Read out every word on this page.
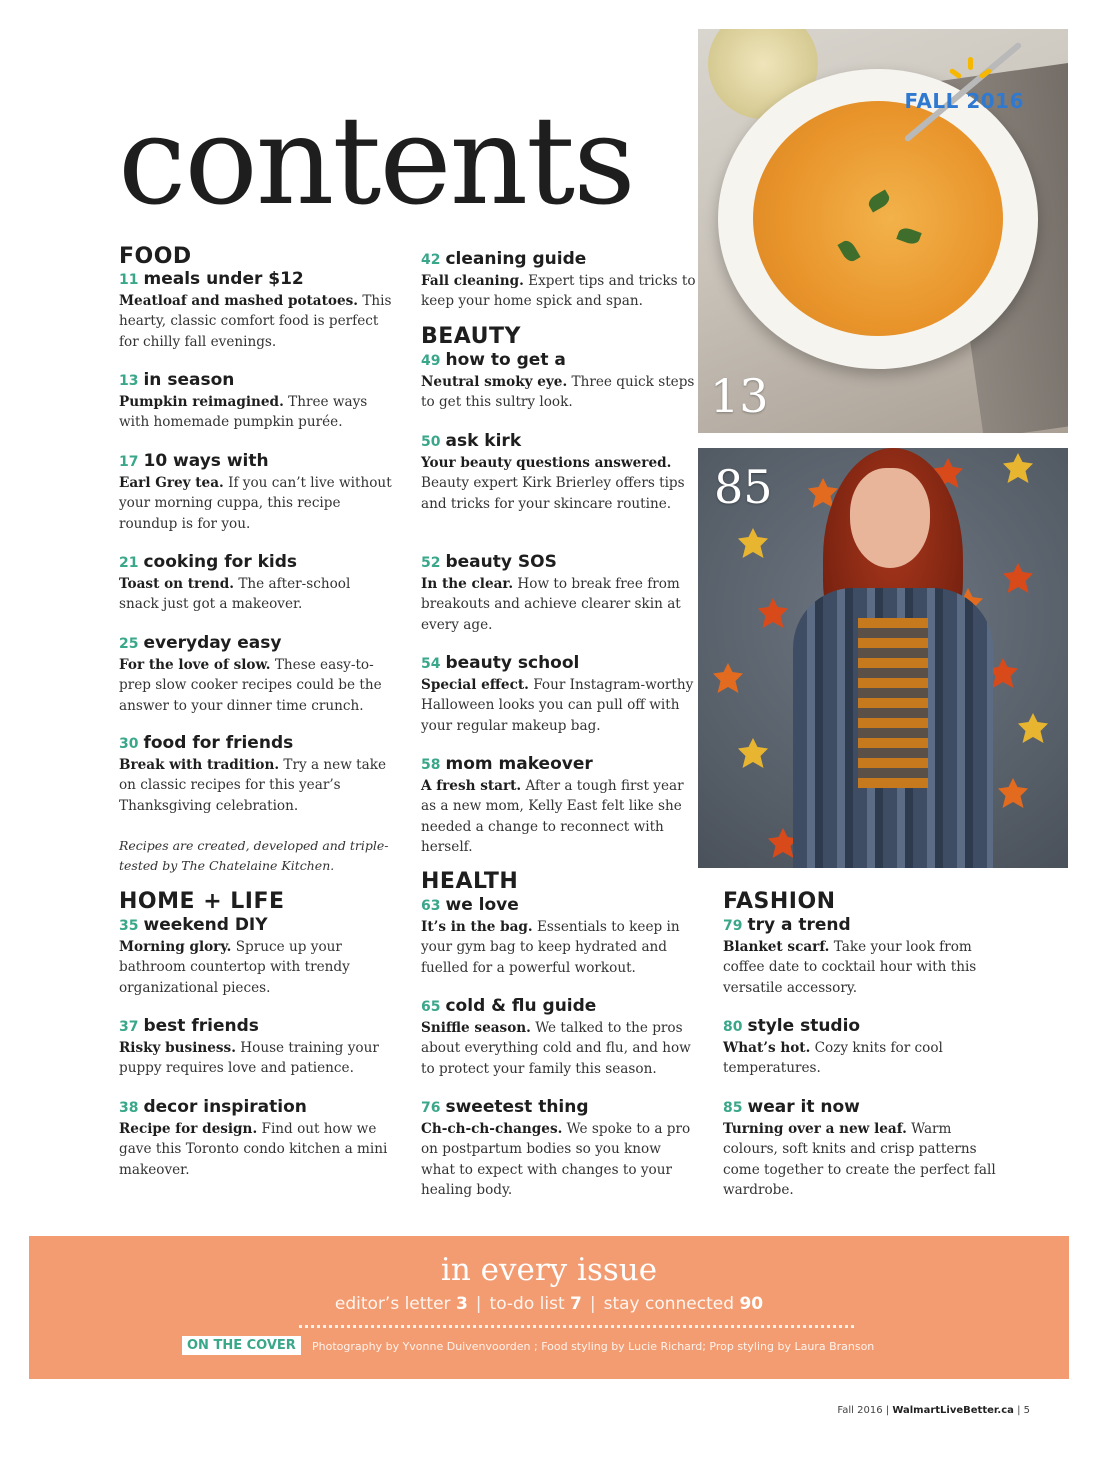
contents	FALL 2016
13
85
FOOD
11 meals under $12
Meatloaf and mashed potatoes. This hearty, classic comfort food is perfect for chilly fall evenings.
13 in season
Pumpkin reimagined. Three ways with homemade pumpkin purée.
17 10 ways with
Earl Grey tea. If you can’t live without your morning cuppa, this recipe roundup is for you.
21 cooking for kids
Toast on trend. The after-school snack just got a makeover.
25 everyday easy
For the love of slow. These easy-to-prep slow cooker recipes could be the answer to your dinner time crunch.
30 food for friends
Break with tradition. Try a new take on classic recipes for this year’s Thanksgiving celebration.
Recipes are created, developed and triple-tested by The Chatelaine Kitchen.
HOME + LIFE
35 weekend DIY
Morning glory. Spruce up your bathroom countertop with trendy organizational pieces.
37 best friends
Risky business. House training your puppy requires love and patience.
38 decor inspiration
Recipe for design. Find out how we gave this Toronto condo kitchen a mini makeover.
42 cleaning guide
Fall cleaning. Expert tips and tricks to keep your home spick and span.
BEAUTY
49 how to get a
Neutral smoky eye. Three quick steps to get this sultry look.
50 ask kirk
Your beauty questions answered. Beauty expert Kirk Brierley offers tips and tricks for your skincare routine.
52 beauty SOS
In the clear. How to break free from breakouts and achieve clearer skin at every age.
54 beauty school
Special effect. Four Instagram-worthy Halloween looks you can pull off with your regular makeup bag.
58 mom makeover
A fresh start. After a tough first year as a new mom, Kelly East felt like she needed a change to reconnect with herself.
HEALTH
63 we love
It’s in the bag. Essentials to keep in your gym bag to keep hydrated and fuelled for a powerful workout.
65 cold & flu guide
Sniffle season. We talked to the pros about everything cold and flu, and how to protect your family this season.
76 sweetest thing
Ch-ch-ch-changes. We spoke to a pro on postpartum bodies so you know what to expect with changes to your healing body.
FASHION
79 try a trend
Blanket scarf. Take your look from coffee date to cocktail hour with this versatile accessory.
80 style studio
What’s hot. Cozy knits for cool temperatures.
85 wear it now
Turning over a new leaf. Warm colours, soft knits and crisp patterns come together to create the perfect fall wardrobe.
in every issue
editor’s letter 3 | to-do list 7 | stay connected 90
ON THE COVER	Photography by Yvonne Duivenvoorden ; Food styling by Lucie Richard; Prop styling by Laura Branson
Fall 2016 | WalmartLiveBetter.ca | 5
